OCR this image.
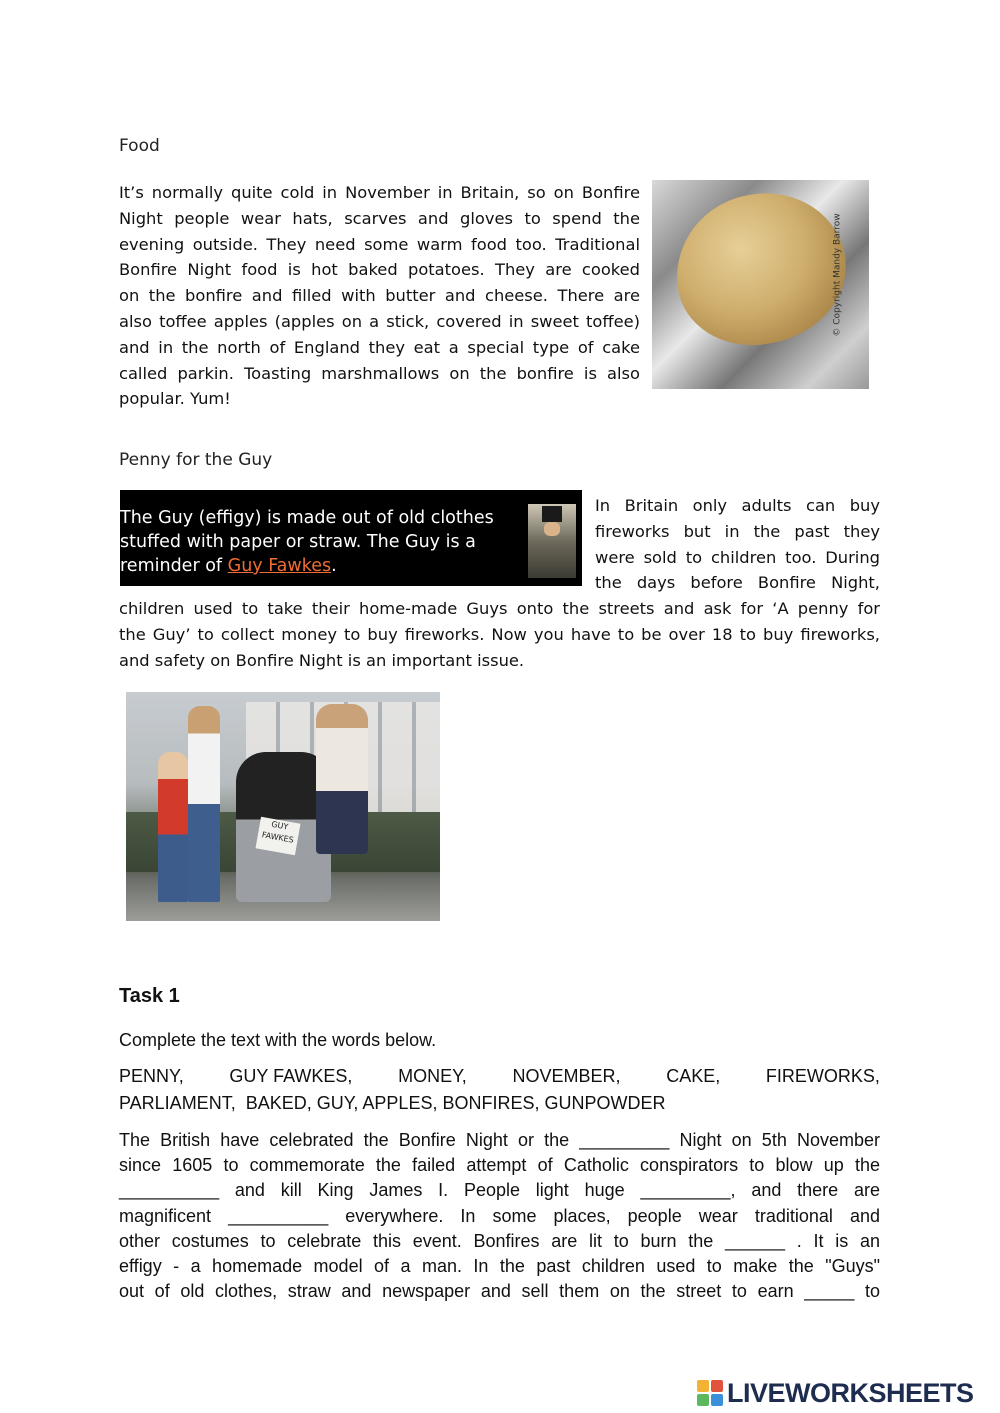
Food
It’s normally quite cold in November in Britain, so on Bonfire
Night people wear hats, scarves and gloves to spend the
evening outside. They need some warm food too. Traditional
Bonfire Night food is hot baked potatoes. They are cooked
on the bonfire and filled with butter and cheese. There are
also toffee apples (apples on a stick, covered in sweet toffee)
and in the north of England they eat a special type of cake
called parkin. Toasting marshmallows on the bonfire is also
popular. Yum!
© Copyright Mandy Barrow
Penny for the Guy
The Guy (effigy) is made out of old clothes stuffed with paper or straw. The Guy is a reminder of Guy Fawkes.
In Britain only adults can buy
fireworks but in the past they
were sold to children too. During
the days before Bonfire Night,
children used to take their home-made Guys onto the streets and ask for ‘A penny for
the Guy’ to collect money to buy fireworks. Now you have to be over 18 to buy fireworks,
and safety on Bonfire Night is an important issue.
GUY FAWKES
Task 1
Complete the text with the words below.
PENNY,	GUY FAWKES,	MONEY,	NOVEMBER,	CAKE,	FIREWORKS,
PARLIAMENT,  BAKED, GUY, APPLES, BONFIRES, GUNPOWDER
The British have celebrated the Bonfire Night or the _________ Night on 5th November
since 1605 to commemorate the failed attempt of Catholic conspirators to blow up the
__________ and kill King James I. People light huge _________, and there are
magnificent __________ everywhere. In some places, people wear traditional and
other costumes to celebrate this event. Bonfires are lit to burn the ______ . It is an
effigy - a homemade model of a man. In the past children used to make the "Guys"
out of old clothes, straw and newspaper and sell them on the street to earn _____ to
LIVEWORKSHEETS
